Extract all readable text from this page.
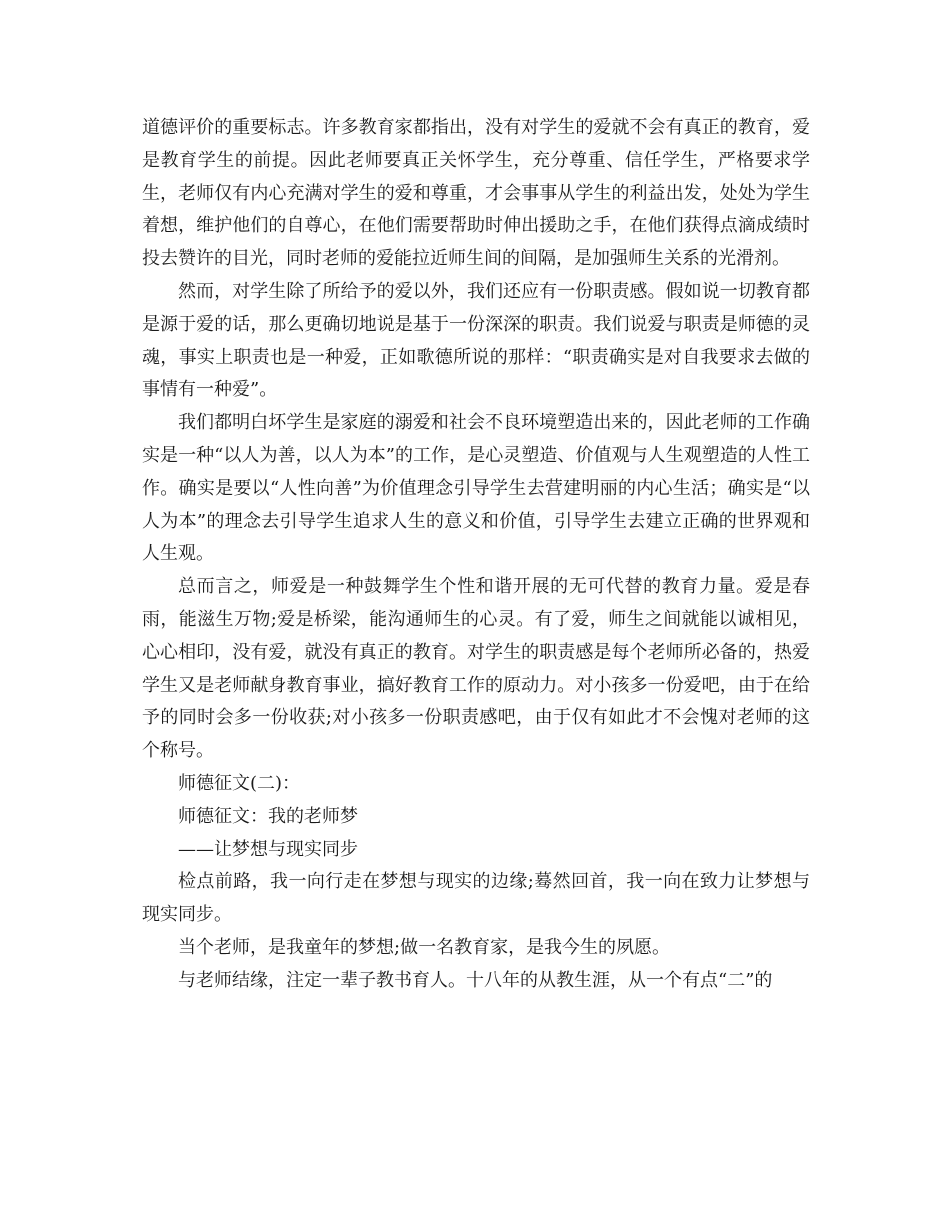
道德评价的重要标志。许多教育家都指出，没有对学生的爱就不会有真正的教育，爱是教育学生的前提。因此老师要真正关怀学生，充分尊重、信任学生，严格要求学生，老师仅有内心充满对学生的爱和尊重，才会事事从学生的利益出发，处处为学生着想，维护他们的自尊心，在他们需要帮助时伸出援助之手，在他们获得点滴成绩时投去赞许的目光，同时老师的爱能拉近师生间的间隔，是加强师生关系的光滑剂。

然而，对学生除了所给予的爱以外，我们还应有一份职责感。假如说一切教育都是源于爱的话，那么更确切地说是基于一份深深的职责。我们说爱与职责是师德的灵魂，事实上职责也是一种爱，正如歌德所说的那样：“职责确实是对自我要求去做的事情有一种爱”。

我们都明白坏学生是家庭的溺爱和社会不良环境塑造出来的，因此老师的工作确实是一种“以人为善，以人为本”的工作，是心灵塑造、价值观与人生观塑造的人性工作。确实是要以“人性向善”为价值理念引导学生去营建明丽的内心生活；确实是“以人为本”的理念去引导学生追求人生的意义和价值，引导学生去建立正确的世界观和人生观。

总而言之，师爱是一种鼓舞学生个性和谐开展的无可代替的教育力量。爱是春雨，能滋生万物;爱是桥梁，能沟通师生的心灵。有了爱，师生之间就能以诚相见，心心相印，没有爱，就没有真正的教育。对学生的职责感是每个老师所必备的，热爱学生又是老师献身教育事业，搞好教育工作的原动力。对小孩多一份爱吧，由于在给予的同时会多一份收获;对小孩多一份职责感吧，由于仅有如此才不会愧对老师的这个称号。

师德征文(二)：

师德征文：我的老师梦

——让梦想与现实同步

检点前路，我一向行走在梦想与现实的边缘;蓦然回首，我一向在致力让梦想与现实同步。

当个老师，是我童年的梦想;做一名教育家，是我今生的夙愿。

与老师结缘，注定一辈子教书育人。十八年的从教生涯，从一个有点“二”的
